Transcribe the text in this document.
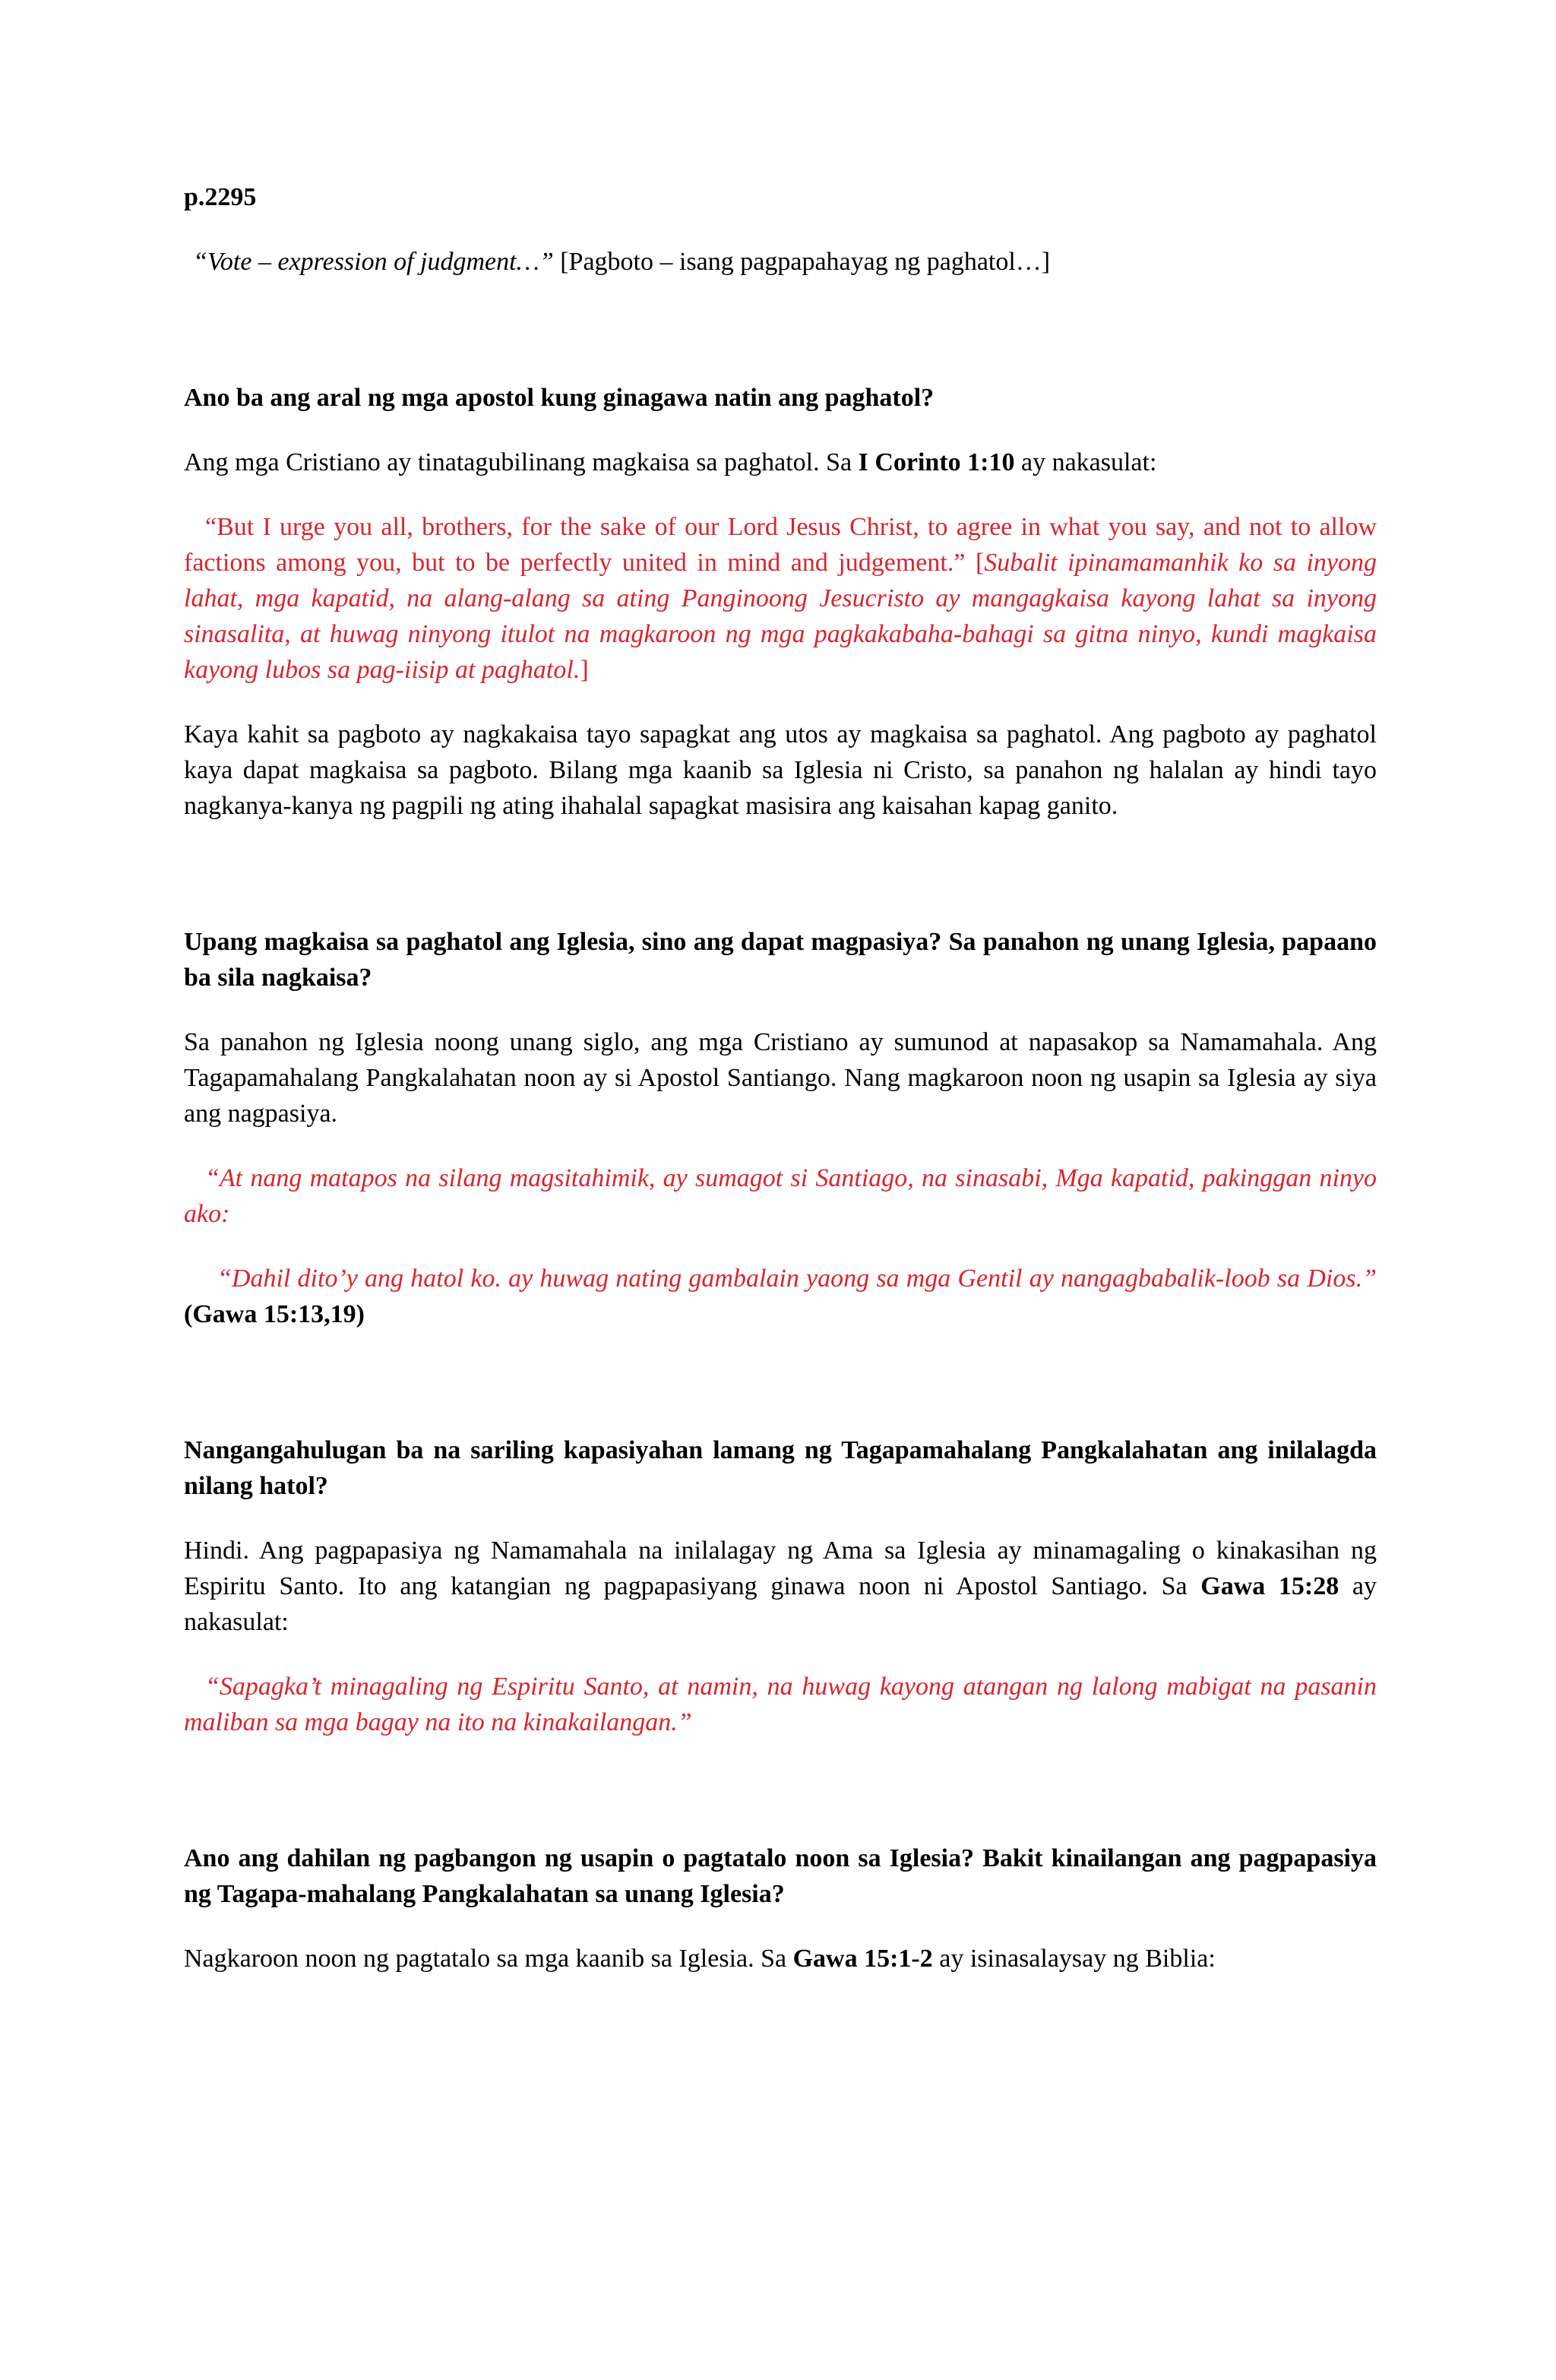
p.2295

“Vote – expression of judgment…” [Pagboto – isang pagpapahayag ng paghatol…]

Ano ba ang aral ng mga apostol kung ginagawa natin ang paghatol?

Ang mga Cristiano ay tinatagubilinang magkaisa sa paghatol. Sa I Corinto 1:10 ay nakasulat:

“But I urge you all, brothers, for the sake of our Lord Jesus Christ, to agree in what you say, and not to allow factions among you, but to be perfectly united in mind and judgement.” [Subalit ipinamamanhik ko sa inyong lahat, mga kapatid, na alang-alang sa ating Panginoong Jesucristo ay mangagkaisa kayong lahat sa inyong sinasalita, at huwag ninyong itulot na magkaroon ng mga pagkakabaha-bahagi sa gitna ninyo, kundi magkaisa kayong lubos sa pag-iisip at paghatol.]

Kaya kahit sa pagboto ay nagkakaisa tayo sapagkat ang utos ay magkaisa sa paghatol. Ang pagboto ay paghatol kaya dapat magkaisa sa pagboto. Bilang mga kaanib sa Iglesia ni Cristo, sa panahon ng halalan ay hindi tayo nagkanya-kanya ng pagpili ng ating ihahalal sapagkat masisira ang kaisahan kapag ganito.

Upang magkaisa sa paghatol ang Iglesia, sino ang dapat magpasiya? Sa panahon ng unang Iglesia, papaano ba sila nagkaisa?

Sa panahon ng Iglesia noong unang siglo, ang mga Cristiano ay sumunod at napasakop sa Namamahala. Ang Tagapamahalang Pangkalahatan noon ay si Apostol Santiango. Nang magkaroon noon ng usapin sa Iglesia ay siya ang nagpasiya.

“At nang matapos na silang magsitahimik, ay sumagot si Santiago, na sinasabi, Mga kapatid, pakinggan ninyo ako:

“Dahil dito’y ang hatol ko. ay huwag nating gambalain yaong sa mga Gentil ay nangagbabalik-loob sa Dios.” (Gawa 15:13,19)

Nangangahulugan ba na sariling kapasiyahan lamang ng Tagapamahalang Pangkalahatan ang inilalagda nilang hatol?

Hindi. Ang pagpapasiya ng Namamahala na inilalagay ng Ama sa Iglesia ay minamagaling o kinakasihan ng Espiritu Santo. Ito ang katangian ng pagpapasiyang ginawa noon ni Apostol Santiago. Sa Gawa 15:28 ay nakasulat:

“Sapagka’t minagaling ng Espiritu Santo, at namin, na huwag kayong atangan ng lalong mabigat na pasanin maliban sa mga bagay na ito na kinakailangan.”

Ano ang dahilan ng pagbangon ng usapin o pagtatalo noon sa Iglesia? Bakit kinailangan ang pagpapasiya ng Tagapa-mahalang Pangkalahatan sa unang Iglesia?

Nagkaroon noon ng pagtatalo sa mga kaanib sa Iglesia. Sa Gawa 15:1-2 ay isinasalaysay ng Biblia:
